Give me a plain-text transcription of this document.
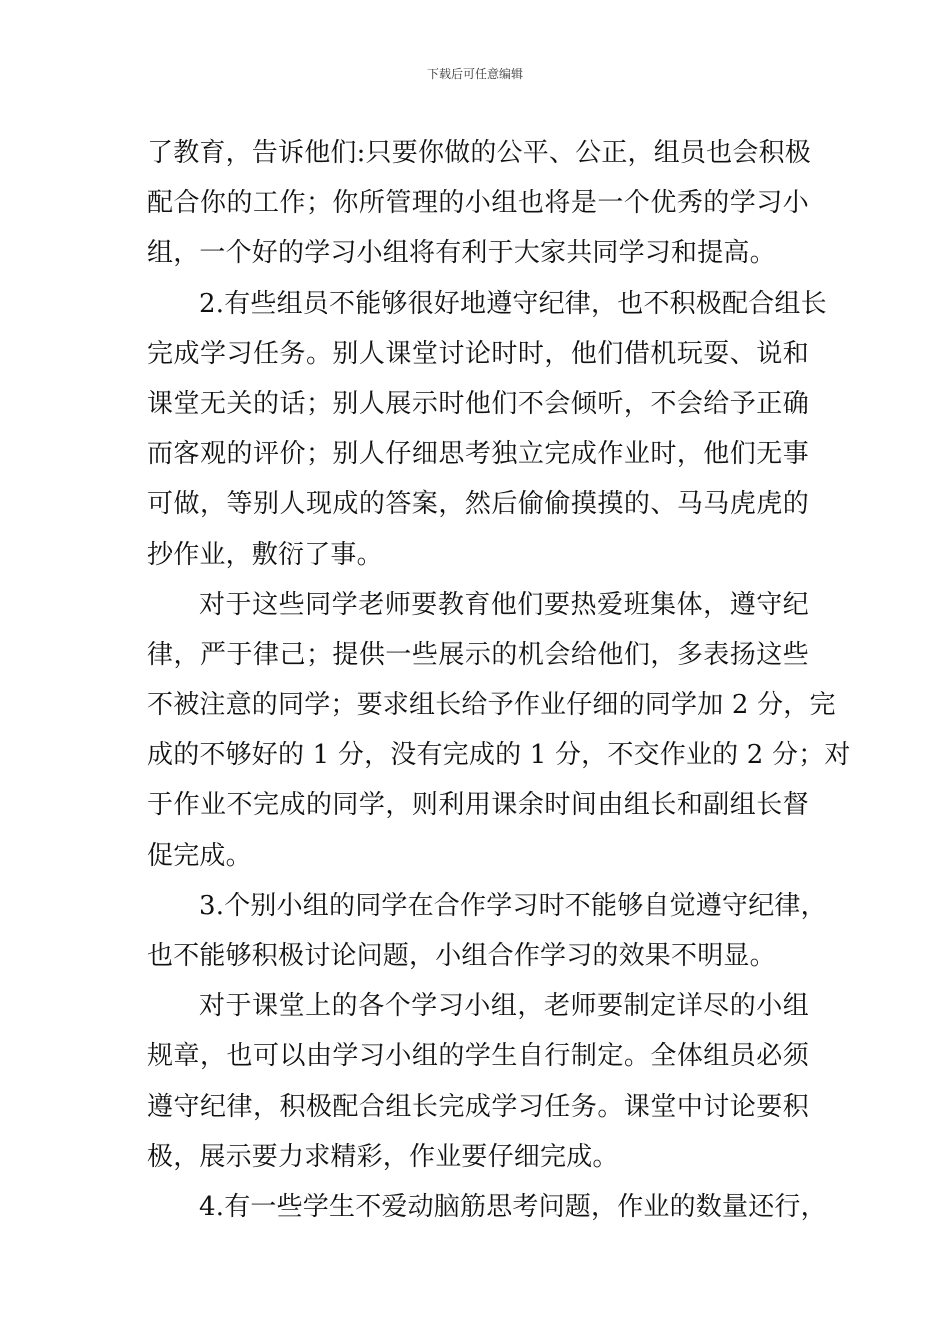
下载后可任意编辑
了教育，告诉他们:只要你做的公平、公正，组员也会积极
配合你的工作；你所管理的小组也将是一个优秀的学习小
组，一个好的学习小组将有利于大家共同学习和提高。
2.有些组员不能够很好地遵守纪律，也不积极配合组长
完成学习任务。别人课堂讨论时时，他们借机玩耍、说和
课堂无关的话；别人展示时他们不会倾听，不会给予正确
而客观的评价；别人仔细思考独立完成作业时，他们无事
可做，等别人现成的答案，然后偷偷摸摸的、马马虎虎的
抄作业，敷衍了事。
对于这些同学老师要教育他们要热爱班集体，遵守纪
律，严于律己；提供一些展示的机会给他们，多表扬这些
不被注意的同学；要求组长给予作业仔细的同学加 2 分，完
成的不够好的 1 分，没有完成的 1 分，不交作业的 2 分；对
于作业不完成的同学，则利用课余时间由组长和副组长督
促完成。
3.个别小组的同学在合作学习时不能够自觉遵守纪律，
也不能够积极讨论问题，小组合作学习的效果不明显。
对于课堂上的各个学习小组，老师要制定详尽的小组
规章，也可以由学习小组的学生自行制定。全体组员必须
遵守纪律，积极配合组长完成学习任务。课堂中讨论要积
极，展示要力求精彩，作业要仔细完成。
4.有一些学生不爱动脑筋思考问题，作业的数量还行，
